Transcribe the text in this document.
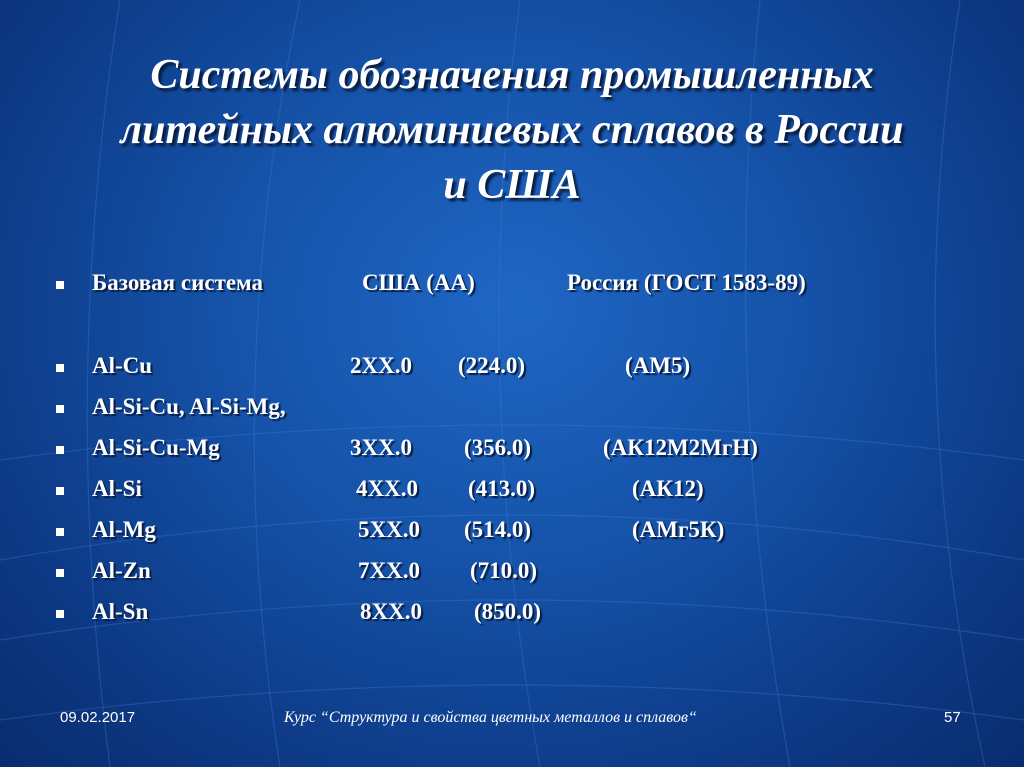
Системы обозначения промышленных
литейных алюминиевых сплавов в России
и США
Базовая система	США (АА)	Россия (ГОСТ 1583-89)
Al-Cu	2XX.0 (224.0)	(АМ5)
Al-Si-Cu, Al-Si-Mg,
Al-Si-Cu-Mg	3XX.0 (356.0)	(АК12М2МгН)
Al-Si	4XX.0 (413.0)	(АК12)
Al-Mg	5XX.0 (514.0)	(АМг5К)
Al-Zn	7XX.0 (710.0)
Al-Sn	8XX.0 (850.0)
09.02.2017	Курс “Структура и свойства цветных металлов и сплавов“	57
